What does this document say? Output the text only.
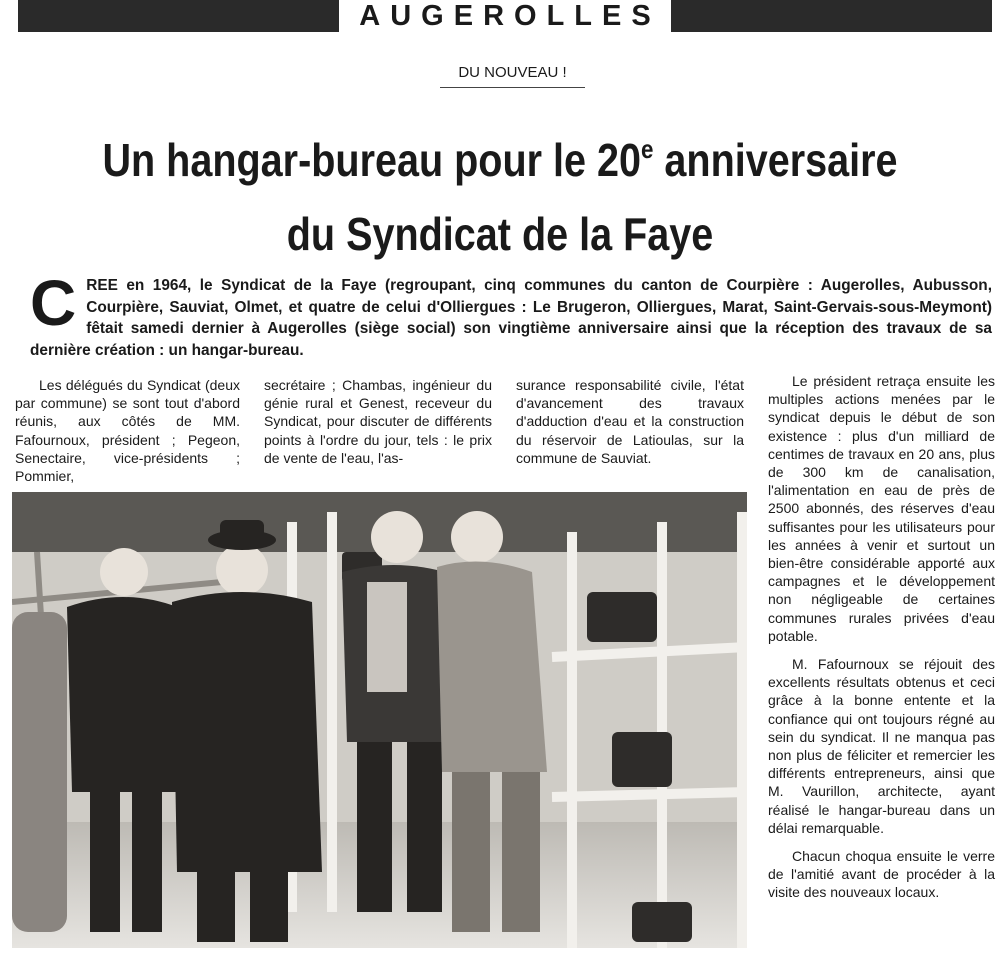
AUGEROLLES
DU NOUVEAU !
Un hangar-bureau pour le 20e anniversaire
du Syndicat de la Faye
CREE en 1964, le Syndicat de la Faye (regroupant, cinq communes du canton de Courpière : Augerolles, Aubusson, Courpière, Sauviat, Olmet, et quatre de celui d'Olliergues : Le Brugeron, Olliergues, Marat, Saint-Gervais-sous-Meymont) fêtait samedi dernier à Augerolles (siège social) son vingtième anniversaire ainsi que la réception des travaux de sa dernière création : un hangar-bureau.

Les délégués du Syndicat (deux par commune) se sont tout d'abord réunis, aux côtés de MM. Fafournoux, président ; Pegeon, Senectaire, vice-présidents ; Pommier,

secrétaire ; Chambas, ingénieur du génie rural et Genest, receveur du Syndicat, pour discuter de différents points à l'ordre du jour, tels : le prix de vente de l'eau, l'as-

surance responsabilité civile, l'état d'avancement des travaux d'adduction d'eau et la construction du réservoir de Latioulas, sur la commune de Sauviat.

Le président retraça ensuite les multiples actions menées par le syndicat depuis le début de son existence : plus d'un milliard de centimes de travaux en 20 ans, plus de 300 km de canalisation, l'alimentation en eau de près de 2500 abonnés, des réserves d'eau suffisantes pour les utilisateurs pour les années à venir et surtout un bien-être considérable apporté aux campagnes et le développement non négligeable de certaines communes rurales privées d'eau potable.

M. Fafournoux se réjouit des excellents résultats obtenus et ceci grâce à la bonne entente et la confiance qui ont toujours régné au sein du syndicat. Il ne manqua pas non plus de féliciter et remercier les différents entrepreneurs, ainsi que M. Vaurillon, architecte, ayant réalisé le hangar-bureau dans un délai remarquable.

Chacun choqua ensuite le verre de l'amitié avant de procéder à la visite des nouveaux locaux.
